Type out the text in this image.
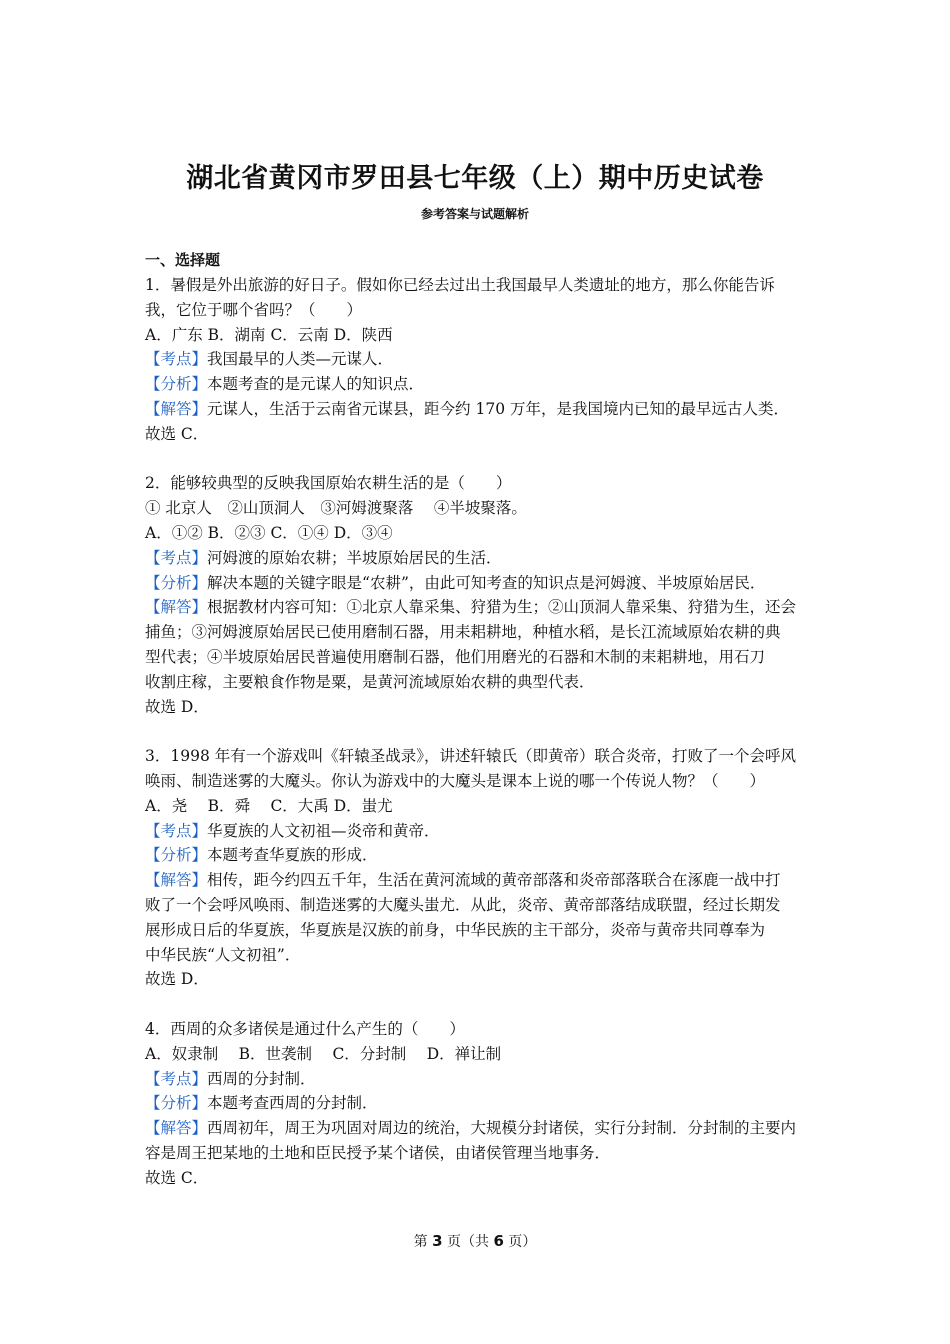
湖北省黄冈市罗田县七年级（上）期中历史试卷
参考答案与试题解析
一、选择题

1．暑假是外出旅游的好日子。假如你已经去过出土我国最早人类遗址的地方，那么你能告诉

我，它位于哪个省吗？（　　）

A．广东 B．湖南 C．云南 D．陕西

【考点】我国最早的人类—元谋人．

【分析】本题考查的是元谋人的知识点．

【解答】元谋人，生活于云南省元谋县，距今约 170 万年，是我国境内已知的最早远古人类．

故选 C．

2．能够较典型的反映我国原始农耕生活的是（　　）

① 北京人　②山顶洞人　③河姆渡聚落　 ④半坡聚落。

A．①② B．②③ C．①④ D．③④

【考点】河姆渡的原始农耕；半坡原始居民的生活．

【分析】解决本题的关键字眼是“农耕”，由此可知考查的知识点是河姆渡、半坡原始居民．

【解答】根据教材内容可知：①北京人靠采集、狩猎为生；②山顶洞人靠采集、狩猎为生，还会

捕鱼；③河姆渡原始居民已使用磨制石器，用耒耜耕地，种植水稻，是长江流域原始农耕的典

型代表；④半坡原始居民普遍使用磨制石器，他们用磨光的石器和木制的耒耜耕地，用石刀

收割庄稼，主要粮食作物是粟，是黄河流域原始农耕的典型代表．

故选 D．

3．1998 年有一个游戏叫《轩辕圣战录》，讲述轩辕氏（即黄帝）联合炎帝，打败了一个会呼风

唤雨、制造迷雾的大魔头。你认为游戏中的大魔头是课本上说的哪一个传说人物？（　　）

A．尧　 B．舜　 C．大禹 D．蚩尤

【考点】华夏族的人文初祖—炎帝和黄帝．

【分析】本题考查华夏族的形成．

【解答】相传，距今约四五千年，生活在黄河流域的黄帝部落和炎帝部落联合在涿鹿一战中打

败了一个会呼风唤雨、制造迷雾的大魔头蚩尤．从此，炎帝、黄帝部落结成联盟，经过长期发

展形成日后的华夏族，华夏族是汉族的前身，中华民族的主干部分，炎帝与黄帝共同尊奉为

中华民族“人文初祖”．

故选 D．

4．西周的众多诸侯是通过什么产生的（　　）

A．奴隶制　 B．世袭制　 C．分封制　 D．禅让制

【考点】西周的分封制．

【分析】本题考查西周的分封制．

【解答】西周初年，周王为巩固对周边的统治，大规模分封诸侯，实行分封制．分封制的主要内

容是周王把某地的土地和臣民授予某个诸侯，由诸侯管理当地事务．

故选 C．

第 3 页（共 6 页）
